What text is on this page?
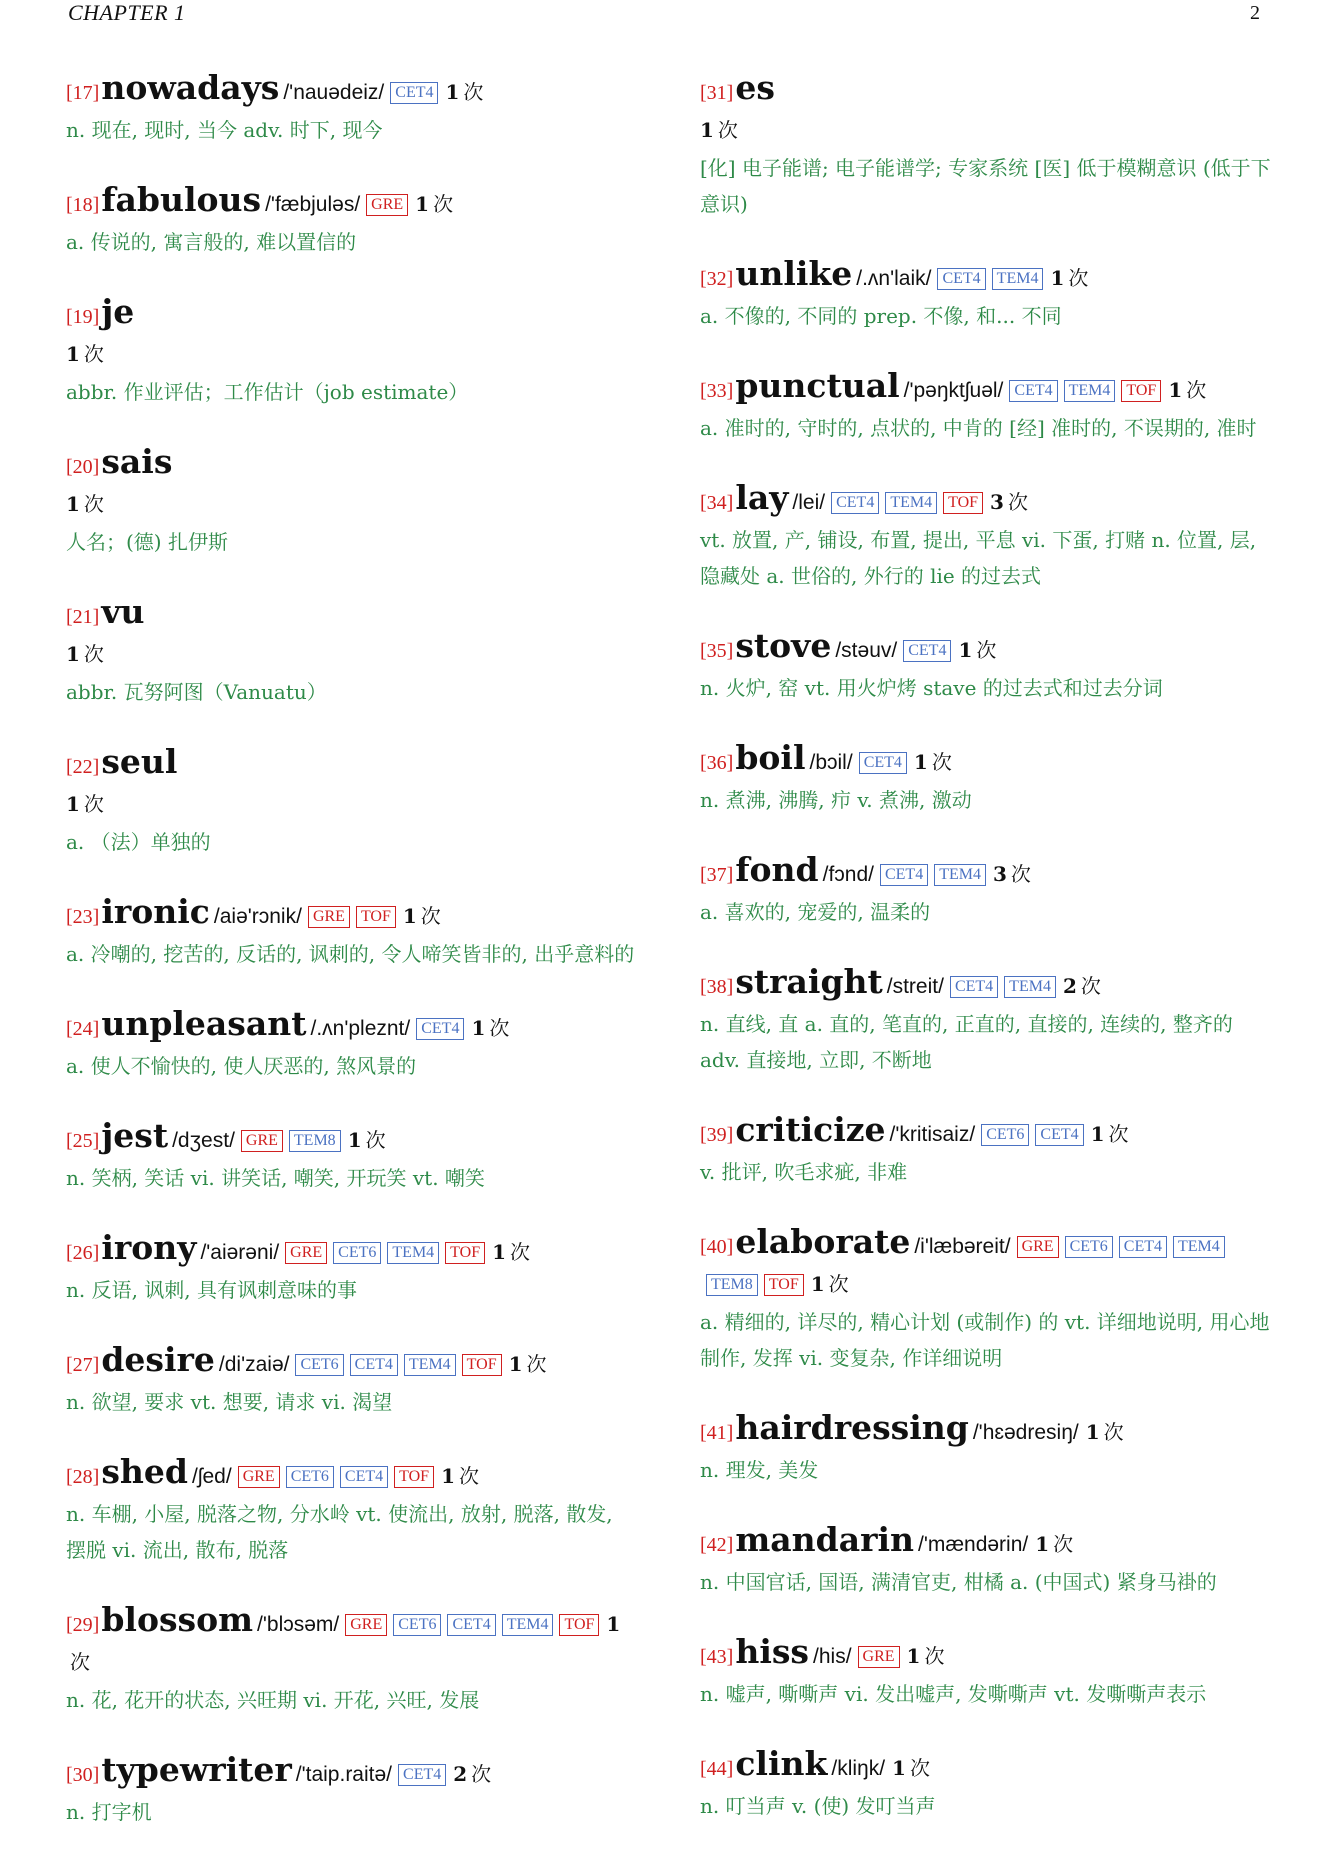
CHAPTER 1	2
[17]nowadays /'nauədeiz/ CET4 1 次
n. 现在, 现时, 当今 adv. 时下, 现今
[18]fabulous /'fæbjuləs/ GRE 1 次
a. 传说的, 寓言般的, 难以置信的
[19]je
1 次
abbr. 作业评估；工作估计（job estimate）
[20]sais
1 次
人名；(德) 扎伊斯
[21]vu
1 次
abbr. 瓦努阿图（Vanuatu）
[22]seul
1 次
a. （法）单独的
[23]ironic /aiə'rɔnik/ GRE TOF 1 次
a. 冷嘲的, 挖苦的, 反话的, 讽刺的, 令人啼笑皆非的, 出乎意料的
[24]unpleasant /.ʌn'pleznt/ CET4 1 次
a. 使人不愉快的, 使人厌恶的, 煞风景的
[25]jest /dʒest/ GRE TEM8 1 次
n. 笑柄, 笑话 vi. 讲笑话, 嘲笑, 开玩笑 vt. 嘲笑
[26]irony /'aiərəni/ GRE CET6 TEM4 TOF 1 次
n. 反语, 讽刺, 具有讽刺意味的事
[27]desire /di'zaiə/ CET6 CET4 TEM4 TOF 1 次
n. 欲望, 要求 vt. 想要, 请求 vi. 渴望
[28]shed /ʃed/ GRE CET6 CET4 TOF 1 次
n. 车棚, 小屋, 脱落之物, 分水岭 vt. 使流出, 放射, 脱落, 散发, 摆脱 vi. 流出, 散布, 脱落
[29]blossom /'blɔsəm/ GRE CET6 CET4 TEM4 TOF 1次
n. 花, 花开的状态, 兴旺期 vi. 开花, 兴旺, 发展
[30]typewriter /'taip.raitə/ CET4 2 次
n. 打字机
[31]es
1 次
[化] 电子能谱; 电子能谱学; 专家系统 [医] 低于模糊意识 (低于下意识)
[32]unlike /.ʌn'laik/ CET4 TEM4 1 次
a. 不像的, 不同的 prep. 不像, 和... 不同
[33]punctual /'pəŋktʃuəl/ CET4 TEM4 TOF 1 次
a. 准时的, 守时的, 点状的, 中肯的 [经] 准时的, 不误期的, 准时
[34]lay /lei/ CET4 TEM4 TOF 3 次
vt. 放置, 产, 铺设, 布置, 提出, 平息 vi. 下蛋, 打赌 n. 位置, 层, 隐藏处 a. 世俗的, 外行的 lie 的过去式
[35]stove /stəuv/ CET4 1 次
n. 火炉, 窑 vt. 用火炉烤 stave 的过去式和过去分词
[36]boil /bɔil/ CET4 1 次
n. 煮沸, 沸腾, 疖 v. 煮沸, 激动
[37]fond /fɔnd/ CET4 TEM4 3 次
a. 喜欢的, 宠爱的, 温柔的
[38]straight /streit/ CET4 TEM4 2 次
n. 直线, 直 a. 直的, 笔直的, 正直的, 直接的, 连续的, 整齐的 adv. 直接地, 立即, 不断地
[39]criticize /'kritisaiz/ CET6 CET4 1 次
v. 批评, 吹毛求疵, 非难
[40]elaborate /i'læbəreit/ GRE CET6 CET4 TEM4TEM8 TOF 1 次
a. 精细的, 详尽的, 精心计划 (或制作) 的 vt. 详细地说明, 用心地制作, 发挥 vi. 变复杂, 作详细说明
[41]hairdressing /'hɛədresiŋ/ 1 次
n. 理发, 美发
[42]mandarin /'mændərin/ 1 次
n. 中国官话, 国语, 满清官吏, 柑橘 a. (中国式) 紧身马褂的
[43]hiss /his/ GRE 1 次
n. 嘘声, 嘶嘶声 vi. 发出嘘声, 发嘶嘶声 vt. 发嘶嘶声表示
[44]clink /kliŋk/ 1 次
n. 叮当声 v. (使) 发叮当声
